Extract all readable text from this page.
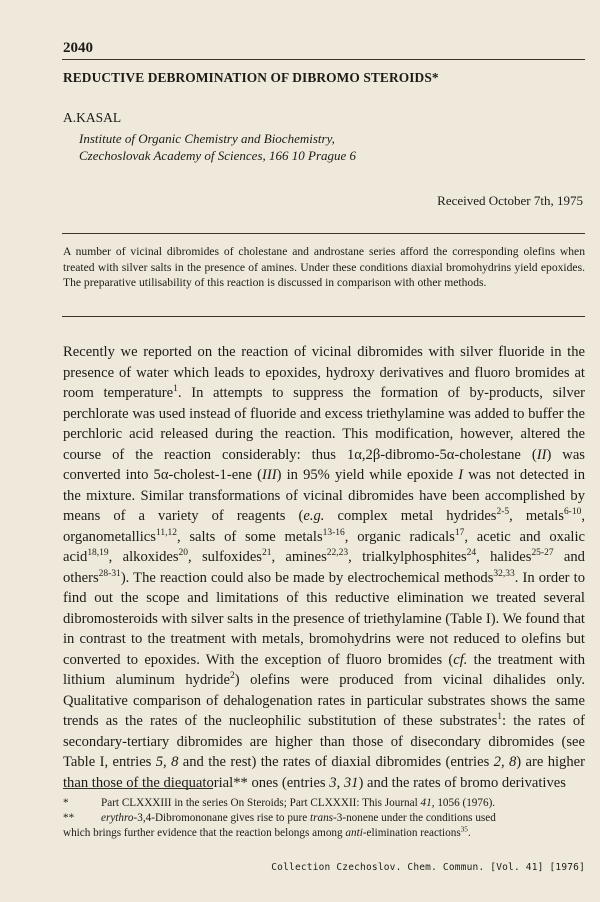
2040
REDUCTIVE DEBROMINATION OF DIBROMO STEROIDS*
A.KASAL
Institute of Organic Chemistry and Biochemistry,
Czechoslovak Academy of Sciences, 166 10 Prague 6
Received October 7th, 1975
A number of vicinal dibromides of cholestane and androstane series afford the corresponding olefins when treated with silver salts in the presence of amines. Under these conditions diaxial bromohydrins yield epoxides. The preparative utilisability of this reaction is discussed in comparison with other methods.

Recently we reported on the reaction of vicinal dibromides with silver fluoride in the presence of water which leads to epoxides, hydroxy derivatives and fluoro bromides at room temperature$^1$. In attempts to suppress the formation of by-products, silver perchlorate was used instead of fluoride and excess triethylamine was added to buffer the perchloric acid released during the reaction. This modification, however, altered the course of the reaction considerably: thus 1α,2β-dibromo-5α-cholestane (II) was converted into 5α-cholest-1-ene (III) in 95% yield while epoxide I was not detected in the mixture. Similar transformations of vicinal dibromides have been accomplished by means of a variety of reagents (e.g. complex metal hydrides$^{2-5}$, metals$^{6-10}$, organometallics$^{11,12}$, salts of some metals$^{13-16}$, organic radicals$^{17}$, acetic and oxalic acid$^{18,19}$, alkoxides$^{20}$, sulfoxides$^{21}$, amines$^{22,23}$, trialkylphosphites$^{24}$, halides$^{25-27}$ and others$^{28-31}$). The reaction could also be made by electrochemical methods$^{32,33}$. In order to find out the scope and limitations of this reductive elimination we treated several dibromosteroids with silver salts in the presence of triethylamine (Table I). We found that in contrast to the treatment with metals, bromohydrins were not reduced to olefins but converted to epoxides. With the exception of fluoro bromides (cf. the treatment with lithium aluminum hydride$^2$) olefins were produced from vicinal dihalides only. Qualitative comparison of dehalogenation rates in particular substrates shows the same trends as the rates of the nucleophilic substitution of these substrates$^1$: the rates of secondary-tertiary dibromides are higher than those of disecondary dibromides (see Table I, entries 5, 8 and the rest) the rates of diaxial dibromides (entries 2, 8) are higher than those of the diequatorial** ones (entries 3, 31) and the rates of bromo derivatives

*	Part CLXXXIII in the series On Steroids; Part CLXXXII: This Journal 41, 1056 (1976).
**	erythro-3,4-Dibromononane gives rise to pure trans-3-nonene under the conditions used
which brings further evidence that the reaction belongs among anti-elimination reactions$^{35}$.
Collection Czechoslov. Chem. Commun. [Vol. 41] [1976]
